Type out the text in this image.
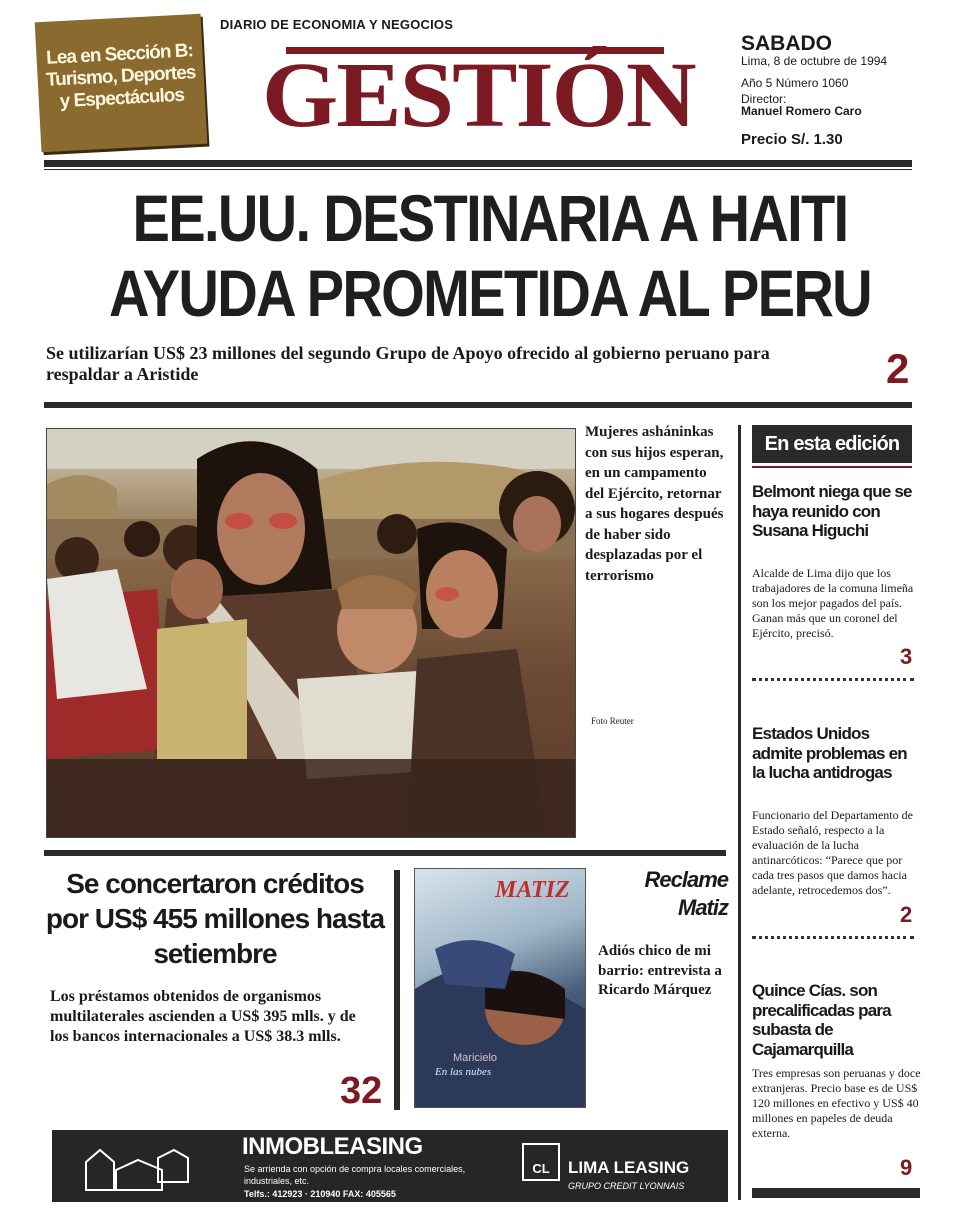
Lea en Sección B:
Turismo, Deportes
y Espectáculos
DIARIO DE ECONOMIA Y NEGOCIOS
GESTIÓN
SABADO
Lima, 8 de octubre de 1994
Año 5 Número 1060
Director:
Manuel Romero Caro
Precio S/. 1.30
EE.UU. DESTINARIA A HAITI
AYUDA PROMETIDA AL PERU
Se utilizarían US$ 23 millones del segundo Grupo de Apoyo ofrecido al gobierno peruano para respaldar a Aristide	2
Mujeres asháninkas con sus hijos esperan, en un campamento del Ejército, retornar a sus hogares después de haber sido desplazadas por el terrorismo
Foto Reuter
En esta edición
Belmont niega que se haya reunido con Susana Higuchi
Alcalde de Lima dijo que los trabajadores de la comuna limeña son los mejor pagados del país. Ganan más que un coronel del Ejército, precisó.
3
Estados Unidos admite problemas en la lucha antidrogas
Funcionario del Departamento de Estado señaló, respecto a la evaluación de la lucha antinarcóticos: “Parece que por cada tres pasos que damos hacia adelante, retrocedemos dos”.
2
Quince Cías. son precalificadas para subasta de Cajamarquilla
Tres empresas son peruanas y doce extranjeras. Precio base es de US$ 120 millones en efectivo y US$ 40 millones en papeles de deuda externa.
9
Se concertaron créditos por US$ 455 millones hasta setiembre
Los préstamos obtenidos de organismos multilaterales ascienden a US$ 395 mlls. y de los bancos internacionales a US$ 38.3 mlls.
32
MATIZ
Maricielo
En las nubes
Reclame Matiz
Adiós chico de mi barrio: entrevista a Ricardo Márquez
INMOBLEASING
Se arrienda con opción de compra locales comerciales,
industriales, etc.
Telfs.: 412923 · 210940 FAX: 405565
CL	LIMA LEASING
GRUPO CREDIT LYONNAIS
